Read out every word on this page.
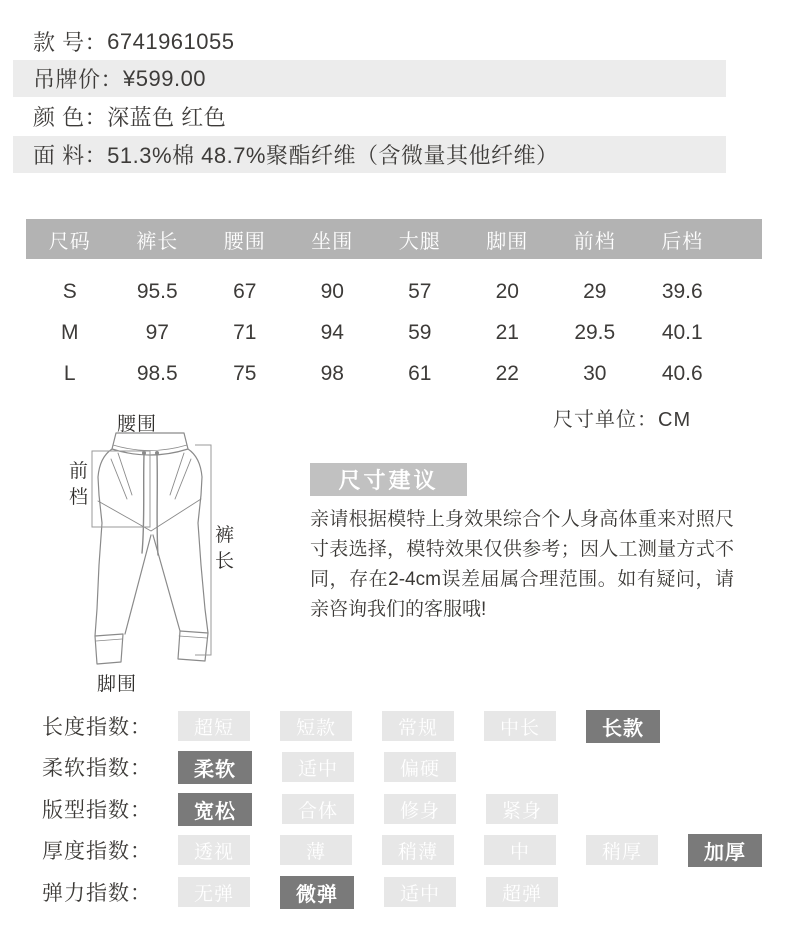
款 号： 6741961055
吊牌价： ¥599.00
颜 色： 深蓝色 红色
面 料： 51.3%棉 48.7%聚酯纤维（含微量其他纤维）
尺码	裤长	腰围	坐围	大腿	脚围	前档	后档
S	95.5	67	90	57	20	29	39.6
M	97	71	94	59	21	29.5	40.1
L	98.5	75	98	61	22	30	40.6
尺寸单位：CM
腰围
前档
裤长
脚围
尺寸建议
亲请根据模特上身效果综合个人身高体重来对照尺寸表选择，模特效果仅供参考；因人工测量方式不同，存在2-4cm误差届属合理范围。如有疑问，请亲咨询我们的客服哦!
长度指数：	超短	短款	常规	中长	长款
柔软指数：	柔软	适中	偏硬
版型指数：	宽松	合体	修身	紧身
厚度指数：	透视	薄	稍薄	中	稍厚	加厚
弹力指数：	无弹	微弹	适中	超弹
